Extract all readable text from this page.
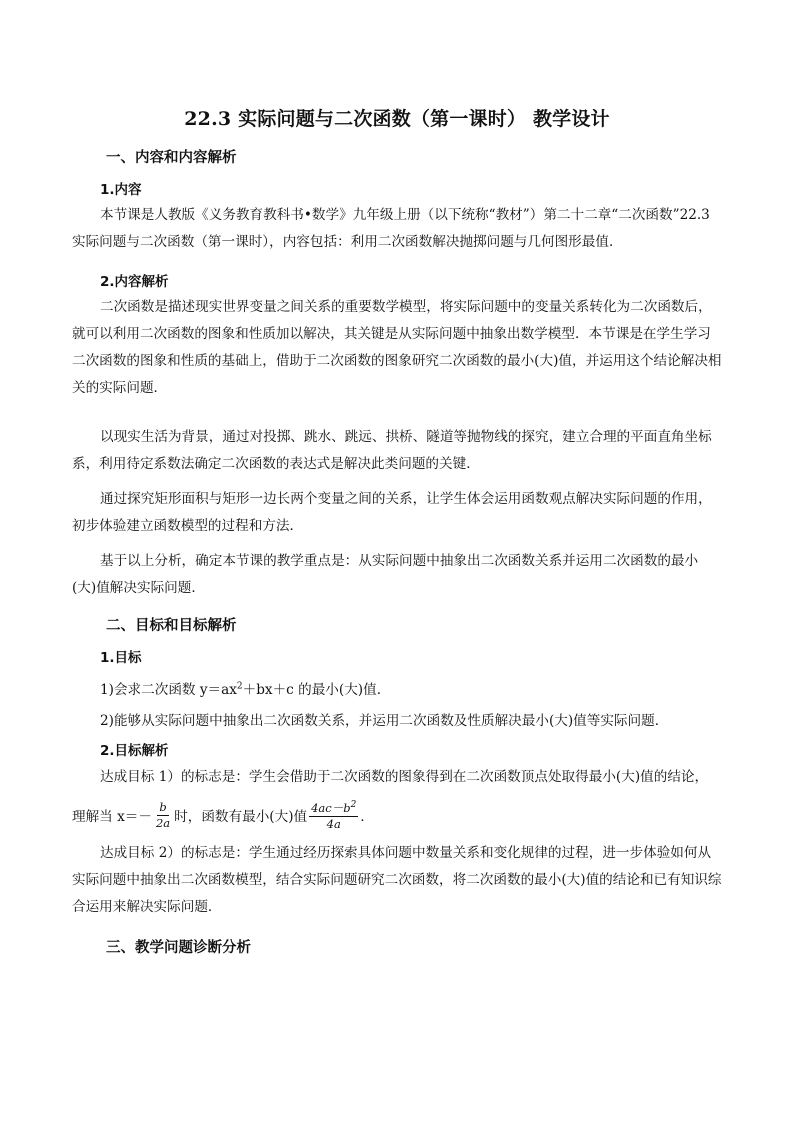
22.3 实际问题与二次函数（第一课时） 教学设计
一、内容和内容解析
1.内容
本节课是人教版《义务教育教科书•数学》九年级上册（以下统称“教材”）第二十二章“二次函数”22.3实际问题与二次函数（第一课时），内容包括：利用二次函数解决抛掷问题与几何图形最值．
2.内容解析
二次函数是描述现实世界变量之间关系的重要数学模型，将实际问题中的变量关系转化为二次函数后，就可以利用二次函数的图象和性质加以解决，其关键是从实际问题中抽象出数学模型．本节课是在学生学习二次函数的图象和性质的基础上，借助于二次函数的图象研究二次函数的最小(大)值，并运用这个结论解决相关的实际问题．
以现实生活为背景，通过对投掷、跳水、跳远、拱桥、隧道等抛物线的探究，建立合理的平面直角坐标系，利用待定系数法确定二次函数的表达式是解决此类问题的关键．
通过探究矩形面积与矩形一边长两个变量之间的关系，让学生体会运用函数观点解决实际问题的作用，初步体验建立函数模型的过程和方法．
基于以上分析，确定本节课的教学重点是：从实际问题中抽象出二次函数关系并运用二次函数的最小(大)值解决实际问题．
二、目标和目标解析
1.目标
1)会求二次函数 $y=ax^2+bx+c$ 的最小(大)值．
2)能够从实际问题中抽象出二次函数关系，并运用二次函数及性质解决最小(大)值等实际问题．
2.目标解析
达成目标 1）的标志是：学生会借助于二次函数的图象得到在二次函数顶点处取得最小(大)值的结论，
理解当 $x=- \frac{b}{2a}$ 时，函数有最小(大)值 $\frac{4ac-b^2}{4a}$ ．
达成目标 2）的标志是：学生通过经历探索具体问题中数量关系和变化规律的过程，进一步体验如何从实际问题中抽象出二次函数模型，结合实际问题研究二次函数，将二次函数的最小(大)值的结论和已有知识综合运用来解决实际问题．
三、教学问题诊断分析
